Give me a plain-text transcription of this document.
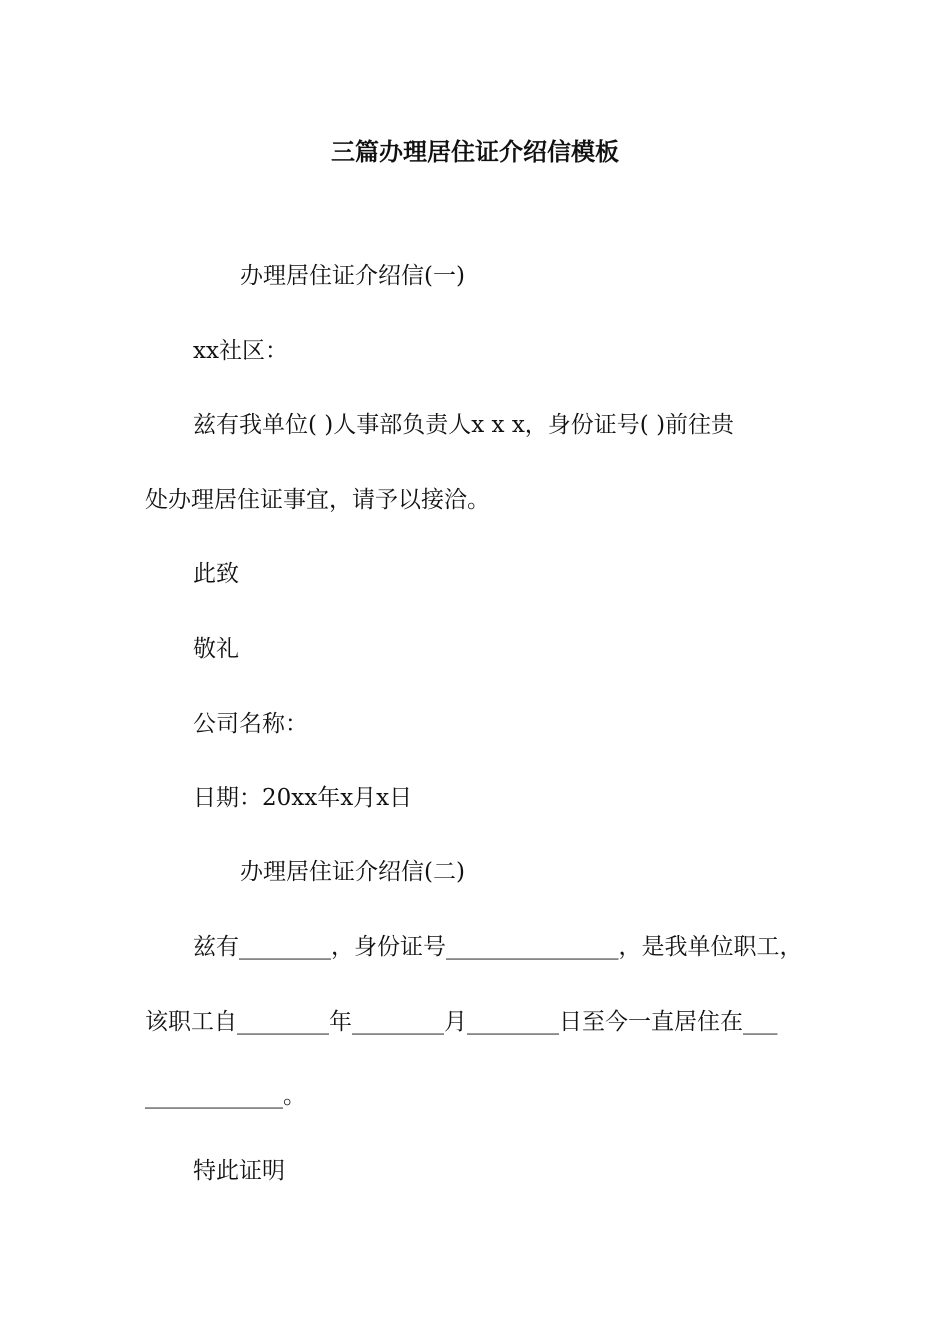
三篇办理居住证介绍信模板
办理居住证介绍信(一)
xx社区：
兹有我单位( )人事部负责人x x x，身份证号( )前往贵
处办理居住证事宜，请予以接洽。
此致
敬礼
公司名称：
日期：20xx年x月x日
办理居住证介绍信(二)
兹有________，身份证号_______________，是我单位职工，
该职工自________年________月________日至今一直居住在___
____________。
特此证明
